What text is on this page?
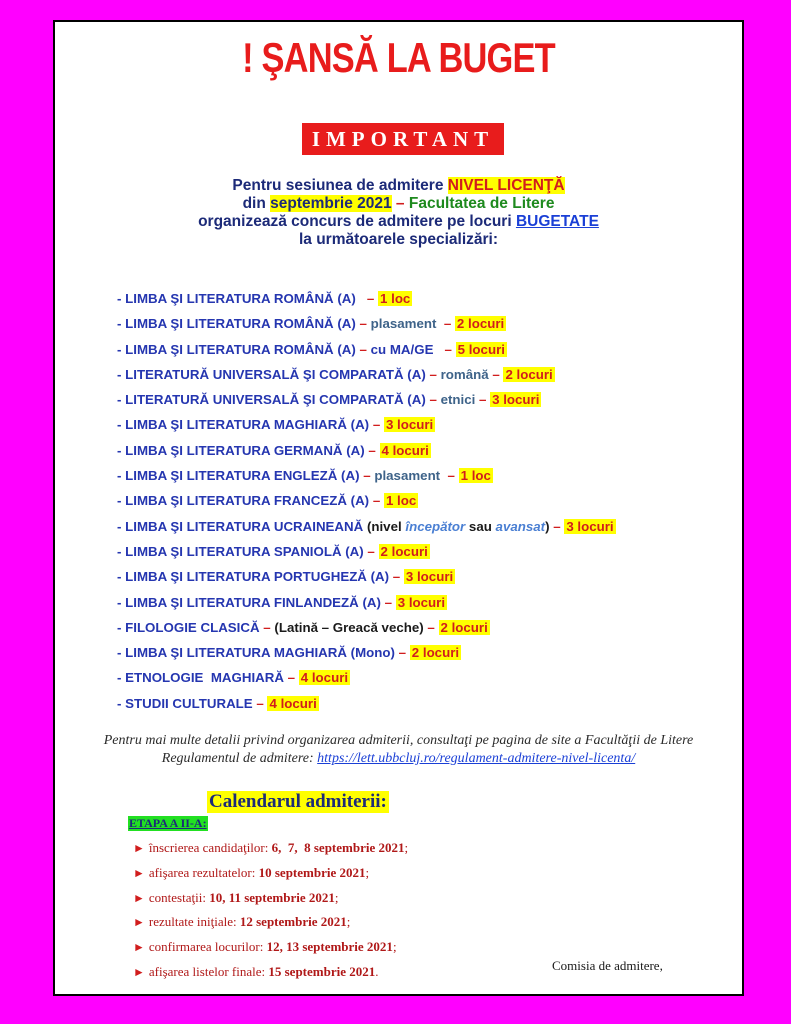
! ŞANSĂ LA BUGET
IMPORTANT
Pentru sesiunea de admitere NIVEL LICENŢĂ
din septembrie 2021 – Facultatea de Litere
organizează concurs de admitere pe locuri BUGETATE
la următoarele specializări:
- LIMBA ŞI LITERATURA ROMÂNĂ (A) – 1 loc
- LIMBA ŞI LITERATURA ROMÂNĂ (A) – plasament – 2 locuri
- LIMBA ŞI LITERATURA ROMÂNĂ (A) – cu MA/GE – 5 locuri
- LITERATURĂ UNIVERSALĂ ŞI COMPARATĂ (A) – română – 2 locuri
- LITERATURĂ UNIVERSALĂ ŞI COMPARATĂ (A) – etnici – 3 locuri
- LIMBA ŞI LITERATURA MAGHIARĂ (A) – 3 locuri
- LIMBA ŞI LITERATURA GERMANĂ (A) – 4 locuri
- LIMBA ŞI LITERATURA ENGLEZĂ (A) – plasament – 1 loc
- LIMBA ŞI LITERATURA FRANCEZĂ (A) – 1 loc
- LIMBA ŞI LITERATURA UCRAINEANĂ (nivel începător sau avansat) – 3 locuri
- LIMBA ŞI LITERATURA SPANIOLĂ (A) – 2 locuri
- LIMBA ŞI LITERATURA PORTUGHEZĂ (A) – 3 locuri
- LIMBA ŞI LITERATURA FINLANDEZĂ (A) – 3 locuri
- FILOLOGIE CLASICĂ – (Latină – Greacă veche) – 2 locuri
- LIMBA ŞI LITERATURA MAGHIARĂ (Mono) – 2 locuri
- ETNOLOGIE  MAGHIARĂ – 4 locuri
- STUDII CULTURALE – 4 locuri
Pentru mai multe detalii privind organizarea admiterii, consultaţi pe pagina de site a Facultăţii de Litere
Regulamentul de admitere: https://lett.ubbcluj.ro/regulament-admitere-nivel-licenta/
Calendarul admiterii:
ETAPA A II-A:
► înscrierea candidaţilor: 6,  7,  8 septembrie 2021;
► afişarea rezultatelor: 10 septembrie 2021;
► contestaţii: 10, 11 septembrie 2021;
► rezultate iniţiale: 12 septembrie 2021;
► confirmarea locurilor: 12, 13 septembrie 2021;
► afişarea listelor finale: 15 septembrie 2021.	Comisia de admitere,
